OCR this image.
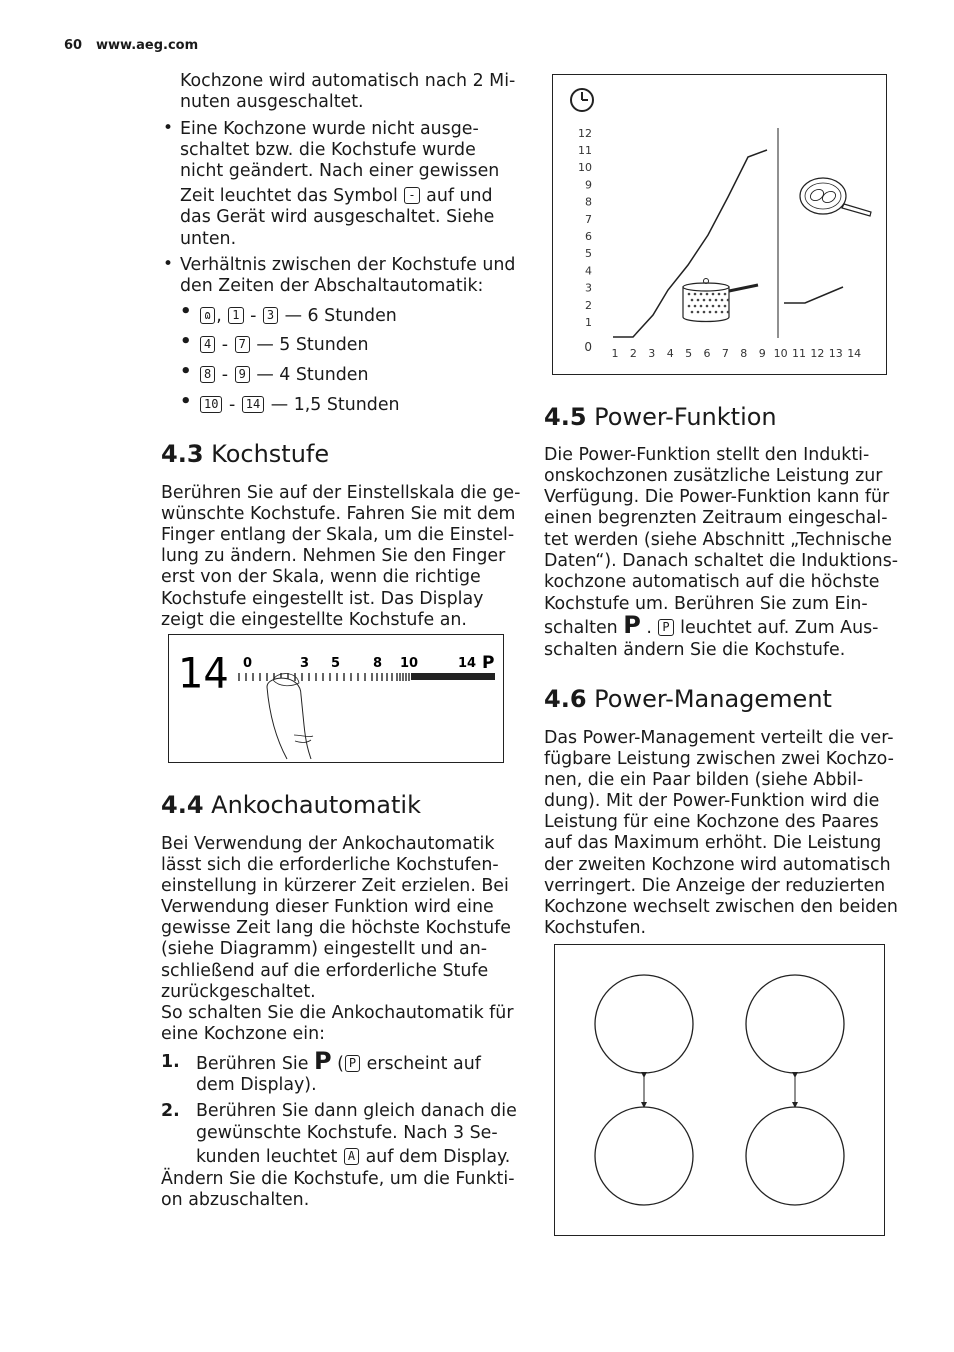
60 www.aeg.com
Kochzone wird automatisch nach 2 Mi-
nuten ausgeschaltet.
• Eine Kochzone wurde nicht ausge-
schaltet bzw. die Kochstufe wurde
nicht geändert. Nach einer gewissen
Zeit leuchtet das Symbol - auf und
das Gerät wird ausgeschaltet. Siehe
unten.
• Verhältnis zwischen der Kochstufe und
den Zeiten der Abschaltautomatik:
•	ɷ , 1 - 3 — 6 Stunden
•	4 - 7 — 5 Stunden
•	8 - 9 — 4 Stunden
•	10 - 14 — 1,5 Stunden
4.3 Kochstufe
Berühren Sie auf der Einstellskala die ge-
wünschte Kochstufe. Fahren Sie mit dem
Finger entlang der Skala, um die Einstel-
lung zu ändern. Nehmen Sie den Finger
erst von der Skala, wenn die richtige
Kochstufe eingestellt ist. Das Display
zeigt die eingestellte Kochstufe an.
14 0	3 5	8 10	14 P
4.4 Ankochautomatik
Bei Verwendung der Ankochautomatik
lässt sich die erforderliche Kochstufen-
einstellung in kürzerer Zeit erzielen. Bei
Verwendung dieser Funktion wird eine
gewisse Zeit lang die höchste Kochstufe
(siehe Diagramm) eingestellt und an-
schließend auf die erforderliche Stufe
zurückgeschaltet.
So schalten Sie die Ankochautomatik für
eine Kochzone ein:
1. Berühren Sie P ( P erscheint auf
dem Display).
2. Berühren Sie dann gleich danach die
gewünschte Kochstufe. Nach 3 Se-
kunden leuchtet A auf dem Display.
Ändern Sie die Kochstufe, um die Funkti-
on abzuschalten.
0
1
2
3
4
5
6
7
8
9
10
11
12
1 2 3 4 5 6 7 8 9 10 11 12 13 14
4.5 Power-Funktion
Die Power-Funktion stellt den Indukti-
onskochzonen zusätzliche Leistung zur
Verfügung. Die Power-Funktion kann für
einen begrenzten Zeitraum eingeschal-
tet werden (siehe Abschnitt „Technische
Daten“). Danach schaltet die Induktions-
kochzone automatisch auf die höchste
Kochstufe um. Berühren Sie zum Ein-
schalten P . P leuchtet auf. Zum Aus-
schalten ändern Sie die Kochstufe.
4.6 Power-Management
Das Power-Management verteilt die ver-
fügbare Leistung zwischen zwei Kochzo-
nen, die ein Paar bilden (siehe Abbil-
dung). Mit der Power-Funktion wird die
Leistung für eine Kochzone des Paares
auf das Maximum erhöht. Die Leistung
der zweiten Kochzone wird automatisch
verringert. Die Anzeige der reduzierten
Kochzone wechselt zwischen den beiden
Kochstufen.
